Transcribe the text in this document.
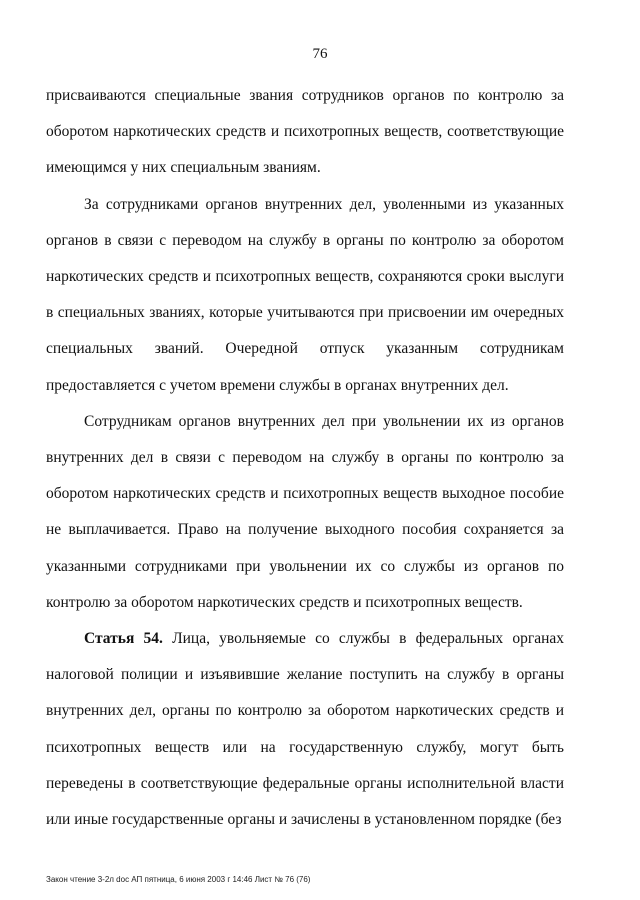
76

присваиваются специальные звания сотрудников органов по контролю за оборотом наркотических средств и психотропных веществ, соответствующие имеющимся у них специальным званиям.

За сотрудниками органов внутренних дел, уволенными из указанных органов в связи с переводом на службу в органы по контролю за оборотом наркотических средств и психотропных веществ, сохраняются сроки выслуги в специальных званиях, которые учитываются при присвоении им очередных специальных званий. Очередной отпуск указанным сотрудникам предоставляется с учетом времени службы в органах внутренних дел.

Сотрудникам органов внутренних дел при увольнении их из органов внутренних дел в связи с переводом на службу в органы по контролю за оборотом наркотических средств и психотропных веществ выходное пособие не выплачивается. Право на получение выходного пособия сохраняется за указанными сотрудниками при увольнении их со службы из органов по контролю за оборотом наркотических средств и психотропных веществ.

Статья 54. Лица, увольняемые со службы в федеральных органах налоговой полиции и изъявившие желание поступить на службу в органы внутренних дел, органы по контролю за оборотом наркотических средств и психотропных веществ или на государственную службу, могут быть переведены в соответствующие федеральные органы исполнительной власти или иные государственные органы и зачислены в установленном порядке (без

Закон чтение 3-2л doc АП пятница, 6 июня 2003 г 14:46 Лист № 76 (76)
